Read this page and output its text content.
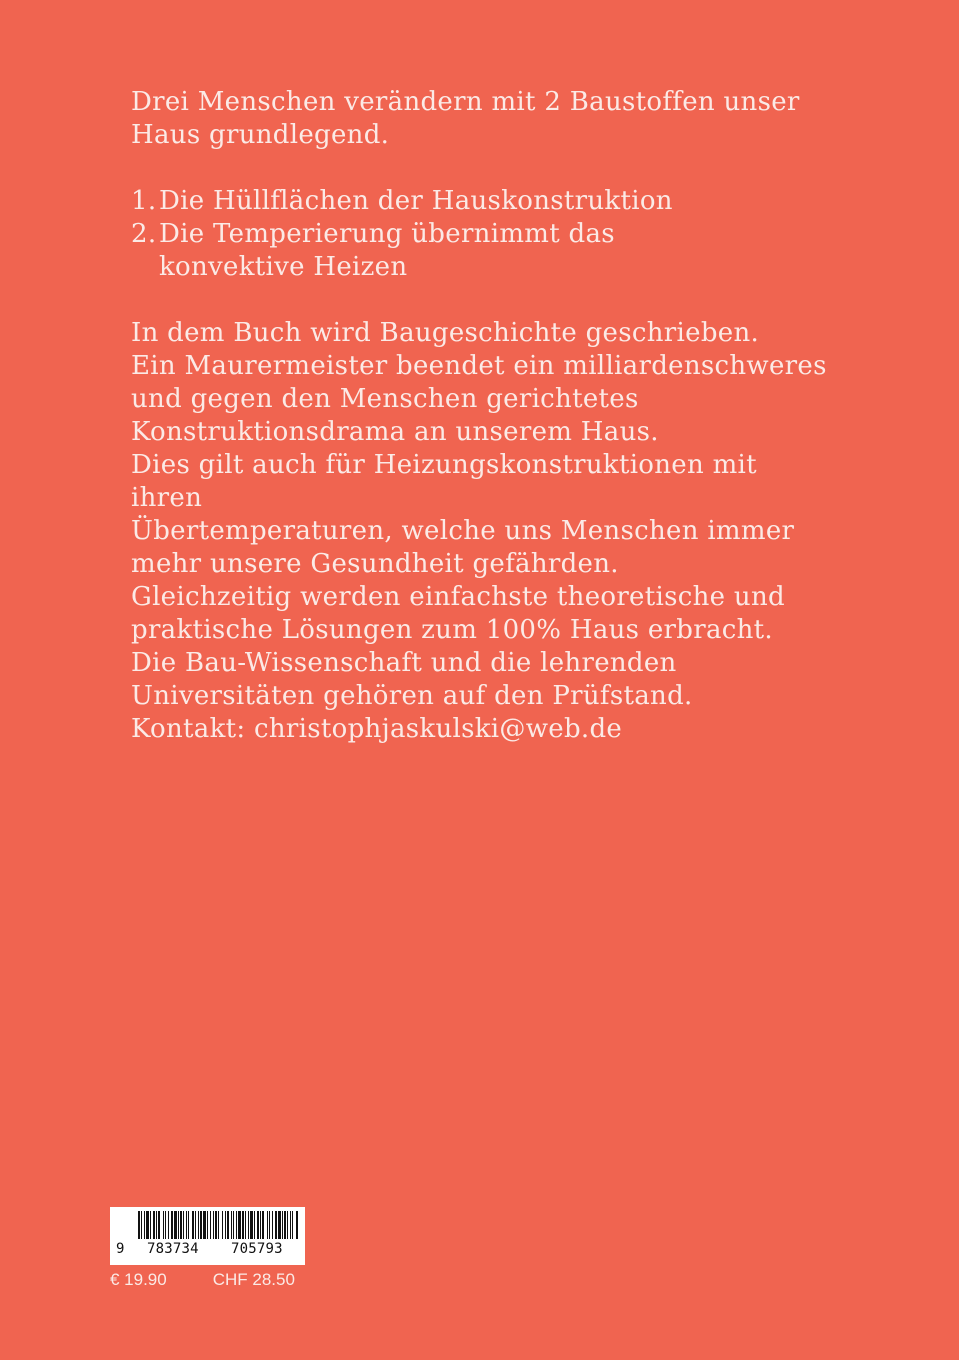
Drei Menschen verändern mit 2 Baustoffen unser

Haus grundlegend.

1. Die Hüllflächen der Hauskonstruktion
2. Die Temperierung übernimmt das konvektive Heizen

In dem Buch wird Baugeschichte geschrieben.

Ein Maurermeister beendet ein milliardenschweres

und gegen den Menschen gerichtetes

Konstruktionsdrama an unserem Haus.

Dies gilt auch für Heizungskonstruktionen mit ihren

Übertemperaturen, welche uns Menschen immer

mehr unsere Gesundheit gefährden.

Gleichzeitig werden einfachste theoretische und

praktische Lösungen zum 100% Haus erbracht.

Die Bau-Wissenschaft und die lehrenden

Universitäten gehören auf den Prüfstand.

Kontakt: christophjaskulski@web.de

9 783734 705793
€ 19.90	CHF 28.50
